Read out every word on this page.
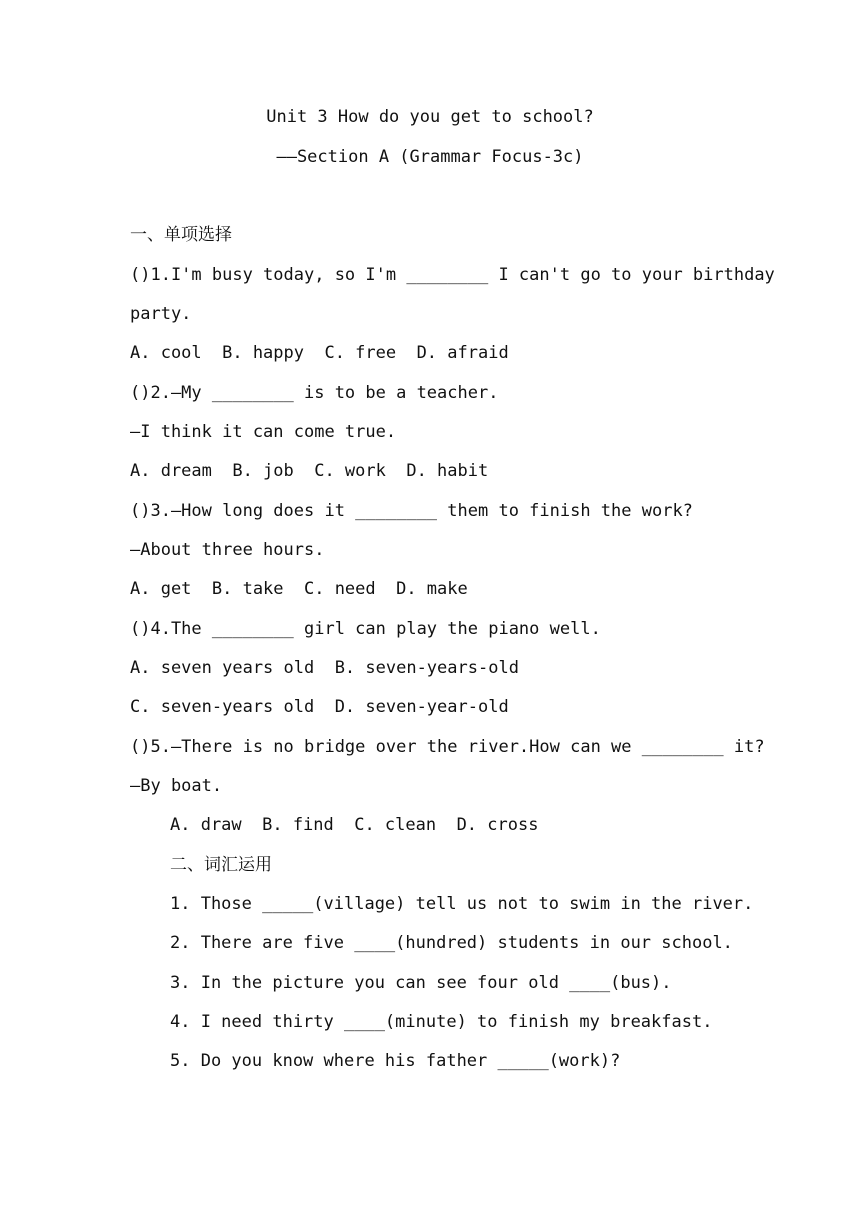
Unit 3 How do you get to school?
——Section A (Grammar Focus-3c)
一、单项选择
()1.I'm busy today, so I'm ________ I can't go to your birthday
party.
A. cool  B. happy  C. free  D. afraid
()2.—My ________ is to be a teacher.
—I think it can come true.
A. dream  B. job  C. work  D. habit
()3.—How long does it ________ them to finish the work?
—About three hours.
A. get  B. take  C. need  D. make
()4.The ________ girl can play the piano well.
A. seven years old  B. seven-years-old
C. seven-years old  D. seven-year-old
()5.—There is no bridge over the river.How can we ________ it?
—By boat.
A. draw  B. find  C. clean  D. cross
二、词汇运用
1. Those _____(village) tell us not to swim in the river.
2. There are five ____(hundred) students in our school.
3. In the picture you can see four old ____(bus).
4. I need thirty ____(minute) to finish my breakfast.
5. Do you know where his father _____(work)?
